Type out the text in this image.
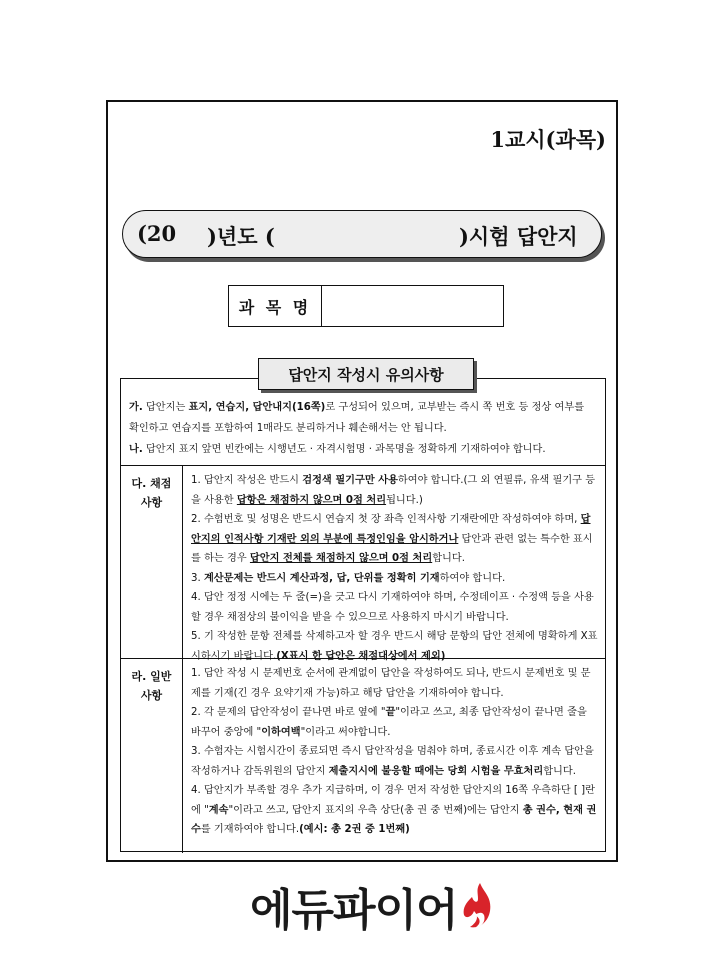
1교시(과목)
(20 )년도 (	)시험 답안지
과 목 명
답안지 작성시 유의사항

가. 답안지는 표지, 연습지, 답안내지(16쪽)로 구성되어 있으며, 교부받는 즉시 쪽 번호 등 정상 여부를 확인하고 연습지를 포함하여 1매라도 분리하거나 훼손해서는 안 됩니다.

나. 답안지 표지 앞면 빈칸에는 시행년도 · 자격시험명 · 과목명을 정확하게 기재하여야 합니다.

다. 채점
사항

1. 답안지 작성은 반드시 검정색 필기구만 사용하여야 합니다.(그 외 연필류, 유색 필기구 등을 사용한 답항은 채점하지 않으며 0점 처리됩니다.)

2. 수험번호 및 성명은 반드시 연습지 첫 장 좌측 인적사항 기재란에만 작성하여야 하며, 답안지의 인적사항 기재란 외의 부분에 특정인임을 암시하거나 답안과 관련 없는 특수한 표시를 하는 경우 답안지 전체를 채점하지 않으며 0점 처리합니다.

3. 계산문제는 반드시 계산과정, 답, 단위를 정확히 기재하여야 합니다.

4. 답안 정정 시에는 두 줄(=)을 긋고 다시 기재하여야 하며, 수정데이프 · 수정액 등을 사용할 경우 채점상의 불이익을 받을 수 있으므로 사용하지 마시기 바랍니다.

5. 기 작성한 문항 전체를 삭제하고자 할 경우 반드시 해당 문항의 답안 전체에 명확하게 X표시하시기 바랍니다.(X표시 한 답안은 채점대상에서 제외)

라. 일반
사항

1. 답안 작성 시 문제번호 순서에 관계없이 답안을 작성하여도 되나, 반드시 문제번호 및 문제를 기재(긴 경우 요약기재 가능)하고 해당 답안을 기재하여야 합니다.

2. 각 문제의 답안작성이 끝나면 바로 옆에 "끝"이라고 쓰고, 최종 답안작성이 끝나면 줄을 바꾸어 중앙에 "이하여백"이라고 써야합니다.

3. 수험자는 시험시간이 종료되면 즉시 답안작성을 멈춰야 하며, 종료시간 이후 계속 답안을 작성하거나 감독위원의 답안지 제출지시에 불응할 때에는 당회 시험을 무효처리합니다.

4. 답안지가 부족할 경우 추가 지급하며, 이 경우 먼저 작성한 답안지의 16쪽 우측하단 [ ]란에 "계속"이라고 쓰고, 답안지 표지의 우측 상단(총 권 중 번째)에는 답안지 총 권수, 현재 권수를 기재하여야 합니다.(예시: 총 2권 중 1번째)

에듀파이어
